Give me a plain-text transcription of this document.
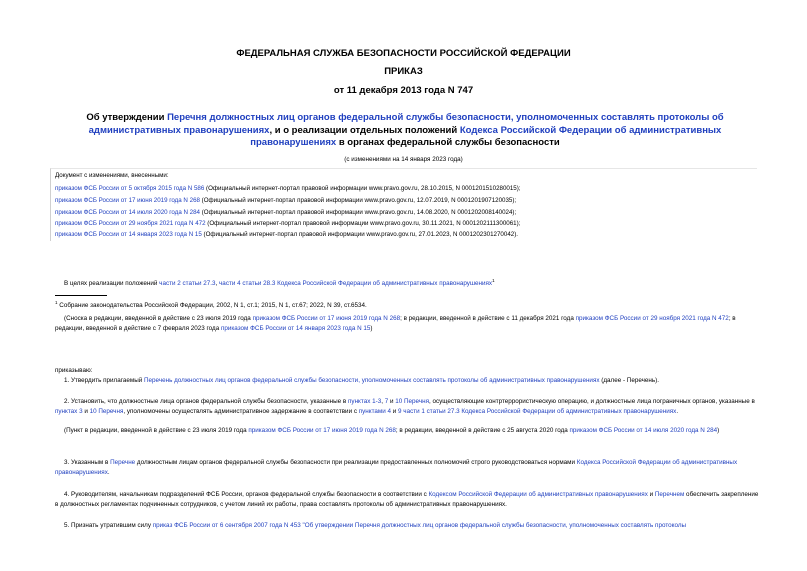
ФЕДЕРАЛЬНАЯ СЛУЖБА БЕЗОПАСНОСТИ РОССИЙСКОЙ ФЕДЕРАЦИИ
ПРИКАЗ
от 11 декабря 2013 года N 747
Об утверждении Перечня должностных лиц органов федеральной службы безопасности, уполномоченных составлять протоколы об административных правонарушениях, и о реализации отдельных положений Кодекса Российской Федерации об административных правонарушениях в органах федеральной службы безопасности
(с изменениями на 14 января 2023 года)
Документ с изменениями, внесенными:
приказом ФСБ России от 5 октября 2015 года N 586 (Официальный интернет-портал правовой информации www.pravo.gov.ru, 28.10.2015, N 0001201510280015);
приказом ФСБ России от 17 июня 2019 года N 268 (Официальный интернет-портал правовой информации www.pravo.gov.ru, 12.07.2019, N 0001201907120035);
приказом ФСБ России от 14 июля 2020 года N 284 (Официальный интернет-портал правовой информации www.pravo.gov.ru, 14.08.2020, N 0001202008140024);
приказом ФСБ России от 29 ноября 2021 года N 472 (Официальный интернет-портал правовой информации www.pravo.gov.ru, 30.11.2021, N 0001202111300061);
приказом ФСБ России от 14 января 2023 года N 15 (Официальный интернет-портал правовой информации www.pravo.gov.ru, 27.01.2023, N 0001202301270042).
В целях реализации положений части 2 статьи 27.3, части 4 статьи 28.3 Кодекса Российской Федерации об административных правонарушениях$^1$
$^1$ Собрание законодательства Российской Федерации, 2002, N 1, ст.1; 2015, N 1, ст.67; 2022, N 39, ст.6534.
(Сноска в редакции, введенной в действие с 23 июля 2019 года приказом ФСБ России от 17 июня 2019 года N 268; в редакции, введенной в действие с 11 декабря 2021 года приказом ФСБ России от 29 ноября 2021 года N 472; в редакции, введенной в действие с 7 февраля 2023 года приказом ФСБ России от 14 января 2023 года N 15)
приказываю:
1. Утвердить прилагаемый Перечень должностных лиц органов федеральной службы безопасности, уполномоченных составлять протоколы об административных правонарушениях (далее - Перечень).
2. Установить, что должностные лица органов федеральной службы безопасности, указанные в пунктах 1-3, 7 и 10 Перечня, осуществляющие контртеррористическую операцию, и должностные лица пограничных органов, указанные в пунктах 3 и 10 Перечня, уполномочены осуществлять административное задержание в соответствии с пунктами 4 и 9 части 1 статьи 27.3 Кодекса Российской Федерации об административных правонарушениях.
(Пункт в редакции, введенной в действие с 23 июля 2019 года приказом ФСБ России от 17 июня 2019 года N 268; в редакции, введенной в действие с 25 августа 2020 года приказом ФСБ России от 14 июля 2020 года N 284)
3. Указанным в Перечне должностным лицам органов федеральной службы безопасности при реализации предоставленных полномочий строго руководствоваться нормами Кодекса Российской Федерации об административных правонарушениях.
4. Руководителям, начальникам подразделений ФСБ России, органов федеральной службы безопасности в соответствии с Кодексом Российской Федерации об административных правонарушениях и Перечнем обеспечить закрепление в должностных регламентах подчиненных сотрудников, с учетом линий их работы, права составлять протоколы об административных правонарушениях.
5. Признать утратившим силу приказ ФСБ России от 6 сентября 2007 года N 453 "Об утверждении Перечня должностных лиц органов федеральной службы безопасности, уполномоченных составлять протоколы
